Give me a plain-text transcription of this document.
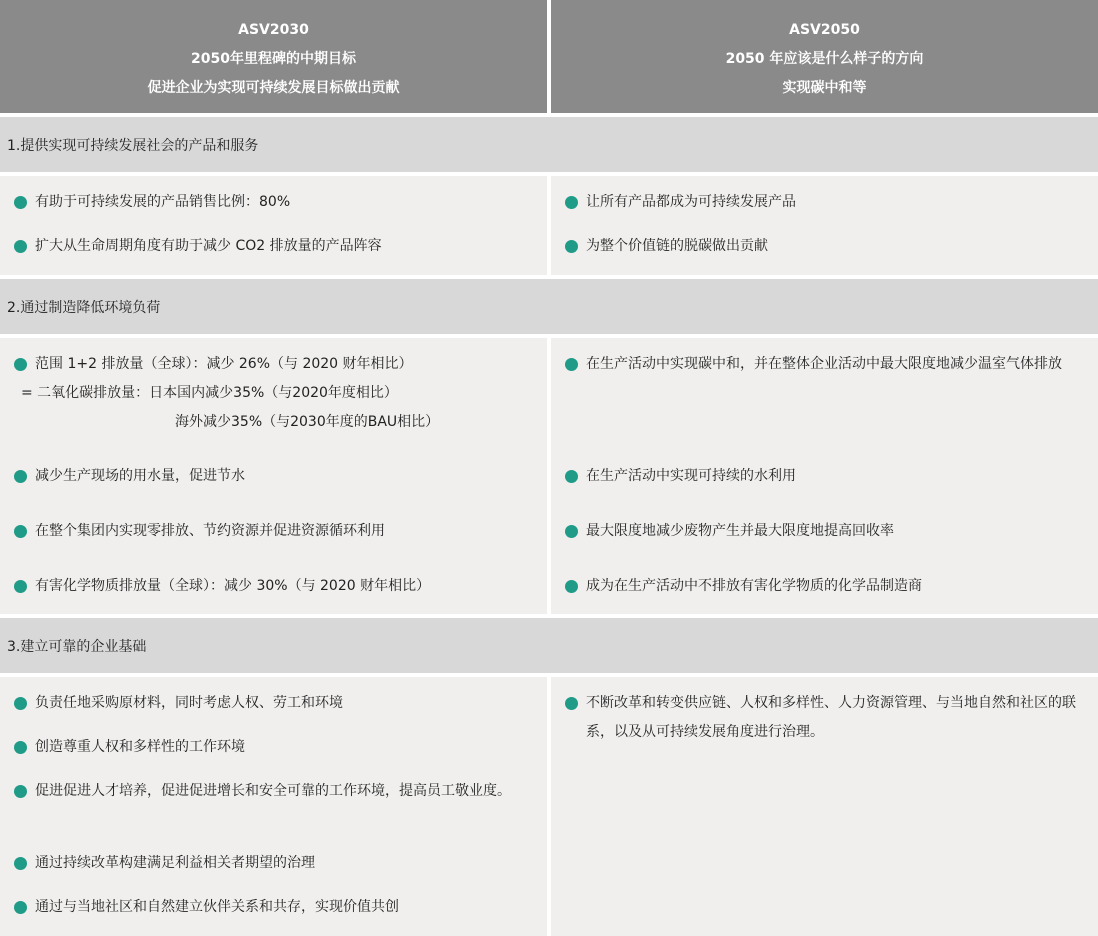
ASV2030
2050年里程碑的中期目标
促进企业为实现可持续发展目标做出贡献
ASV2050
2050 年应该是什么样子的方向
实现碳中和等
1.提供实现可持续发展社会的产品和服务
有助于可持续发展的产品销售比例：80%
扩大从生命周期角度有助于减少 CO2 排放量的产品阵容
让所有产品都成为可持续发展产品
为整个价值链的脱碳做出贡献
2.通过制造降低环境负荷
范围 1+2 排放量（全球）：减少 26%（与 2020 财年相比）
= 二氧化碳排放量：日本国内减少35%（与2020年度相比）
海外减少35%（与2030年度的BAU相比）
减少生产现场的用水量，促进节水
在整个集团内实现零排放、节约资源并促进资源循环利用
有害化学物质排放量（全球）：减少 30%（与 2020 财年相比）
在生产活动中实现碳中和，并在整体企业活动中最大限度地减少温室气体排放
在生产活动中实现可持续的水利用
最大限度地减少废物产生并最大限度地提高回收率
成为在生产活动中不排放有害化学物质的化学品制造商
3.建立可靠的企业基础
负责任地采购原材料，同时考虑人权、劳工和环境
创造尊重人权和多样性的工作环境
促进促进人才培养，促进促进增长和安全可靠的工作环境，提高员工敬业度。
通过持续改革构建满足利益相关者期望的治理
通过与当地社区和自然建立伙伴关系和共存，实现价值共创
不断改革和转变供应链、人权和多样性、人力资源管理、与当地自然和社区的联系，以及从可持续发展角度进行治理。
